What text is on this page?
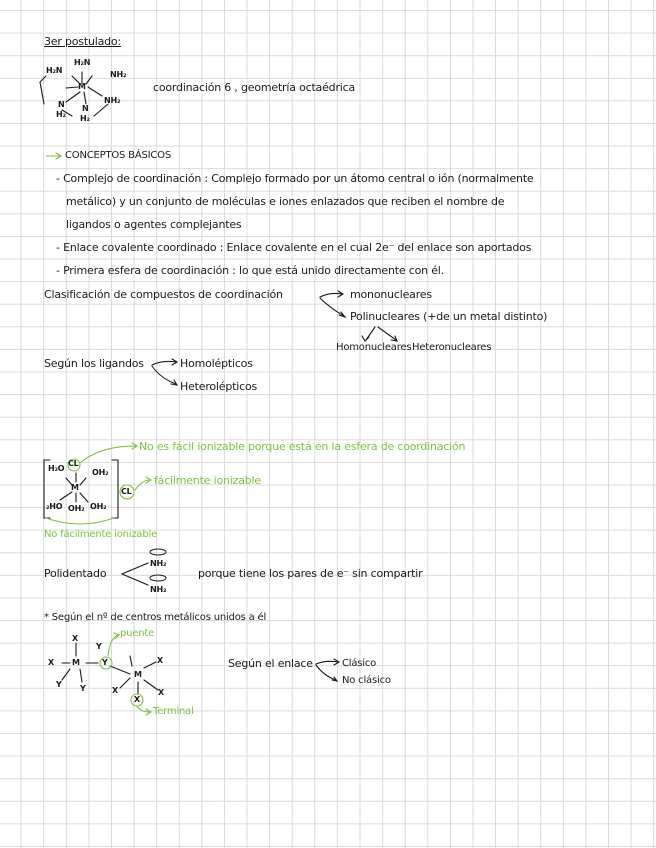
3er postulado:
H₂N
H₂N
NH₂
M
NH₂
N
H₂
N
H₂
coordinación 6 , geometría octaédrica
CONCEPTOS BÁSICOS
- Complejo de coordinación : Complejo formado por un átomo central o ión (normalmente
metálico) y un conjunto de moléculas e iones enlazados que reciben el nombre de
ligandos o agentes complejantes
- Enlace covalente coordinado : Enlace covalente en el cual 2e⁻ del enlace son aportados
- Primera esfera de coordinación : lo que está unido directamente con él.
Clasificación de compuestos de coordinación	mononucleares
Polinucleares (+de un metal distinto)
Homonucleares Heteronucleares
Según los ligandos	Homolépticos
Heterolépticos
H₂O
CL
OH₂
M
₂HO OH₂ OH₂
CL
No es fácil ionizable porque está en la esfera de coordinación
fácilmente ionizable
No fácilmente ionizable
Polidentado
NH₂
NH₂
porque tiene los pares de e⁻ sin compartir
* Según el nº de centros metálicos unidos a él
puente
Terminal
X
X
Y
M	Y
Y Y
M
X
X	X
X
Según el enlace	Clásico
No clásico
